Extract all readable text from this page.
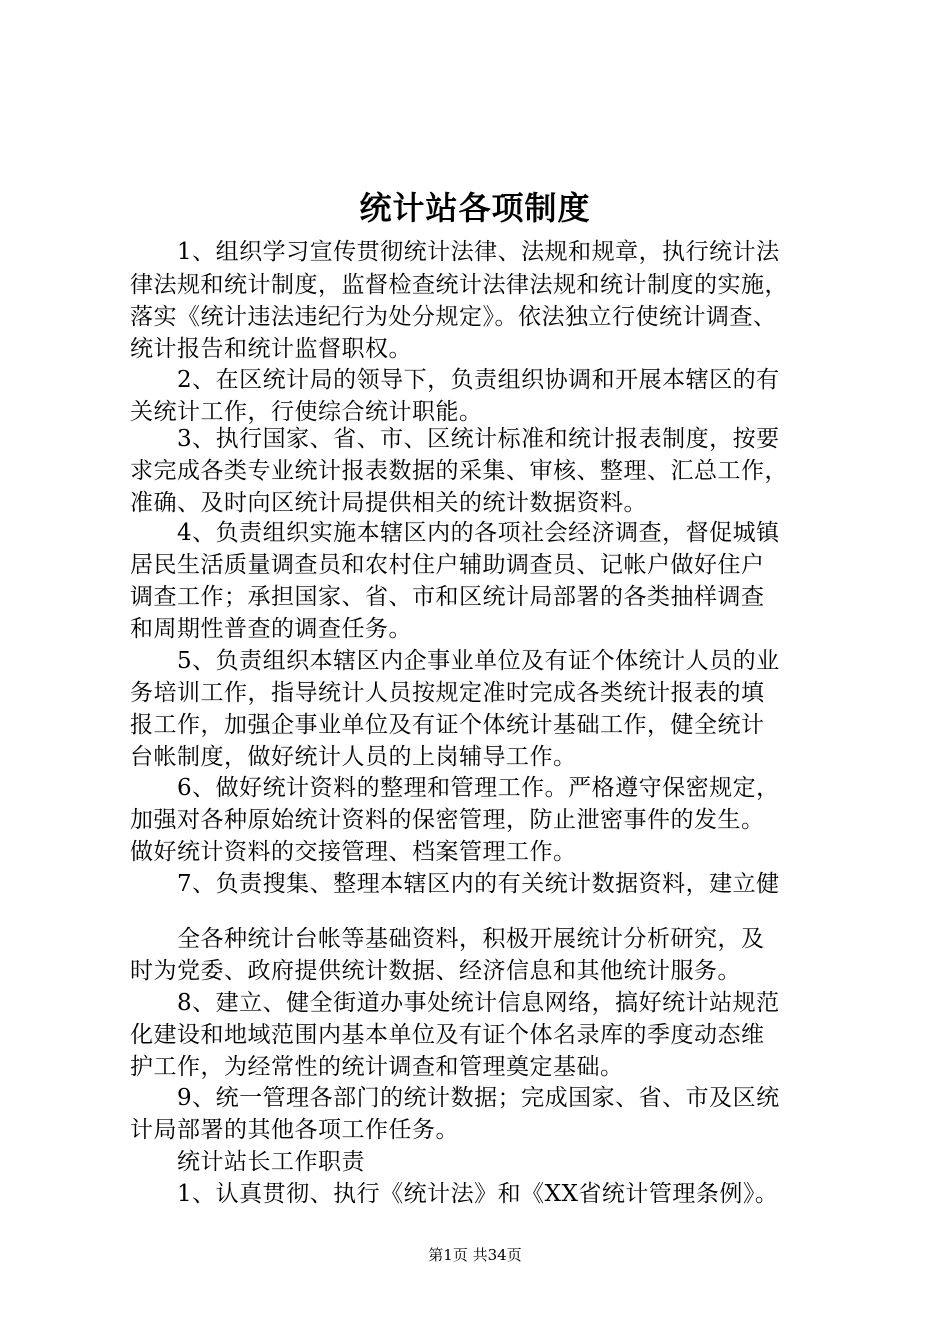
统计站各项制度
1、组织学习宣传贯彻统计法律、法规和规章，执行统计法
律法规和统计制度，监督检查统计法律法规和统计制度的实施，
落实《统计违法违纪行为处分规定》。依法独立行使统计调查、
统计报告和统计监督职权。
2、在区统计局的领导下，负责组织协调和开展本辖区的有
关统计工作，行使综合统计职能。
3、执行国家、省、市、区统计标准和统计报表制度，按要
求完成各类专业统计报表数据的采集、审核、整理、汇总工作，
准确、及时向区统计局提供相关的统计数据资料。
4、负责组织实施本辖区内的各项社会经济调查，督促城镇
居民生活质量调查员和农村住户辅助调查员、记帐户做好住户
调查工作；承担国家、省、市和区统计局部署的各类抽样调查
和周期性普查的调查任务。
5、负责组织本辖区内企事业单位及有证个体统计人员的业
务培训工作，指导统计人员按规定准时完成各类统计报表的填
报工作，加强企事业单位及有证个体统计基础工作，健全统计
台帐制度，做好统计人员的上岗辅导工作。
6、做好统计资料的整理和管理工作。严格遵守保密规定，
加强对各种原始统计资料的保密管理，防止泄密事件的发生。
做好统计资料的交接管理、档案管理工作。
7、负责搜集、整理本辖区内的有关统计数据资料，建立健
全各种统计台帐等基础资料，积极开展统计分析研究，及
时为党委、政府提供统计数据、经济信息和其他统计服务。
8、建立、健全街道办事处统计信息网络，搞好统计站规范
化建设和地域范围内基本单位及有证个体名录库的季度动态维
护工作，为经常性的统计调查和管理奠定基础。
9、统一管理各部门的统计数据；完成国家、省、市及区统
计局部署的其他各项工作任务。
统计站长工作职责
1、认真贯彻、执行《统计法》和《XX省统计管理条例》。
第1页 共34页
